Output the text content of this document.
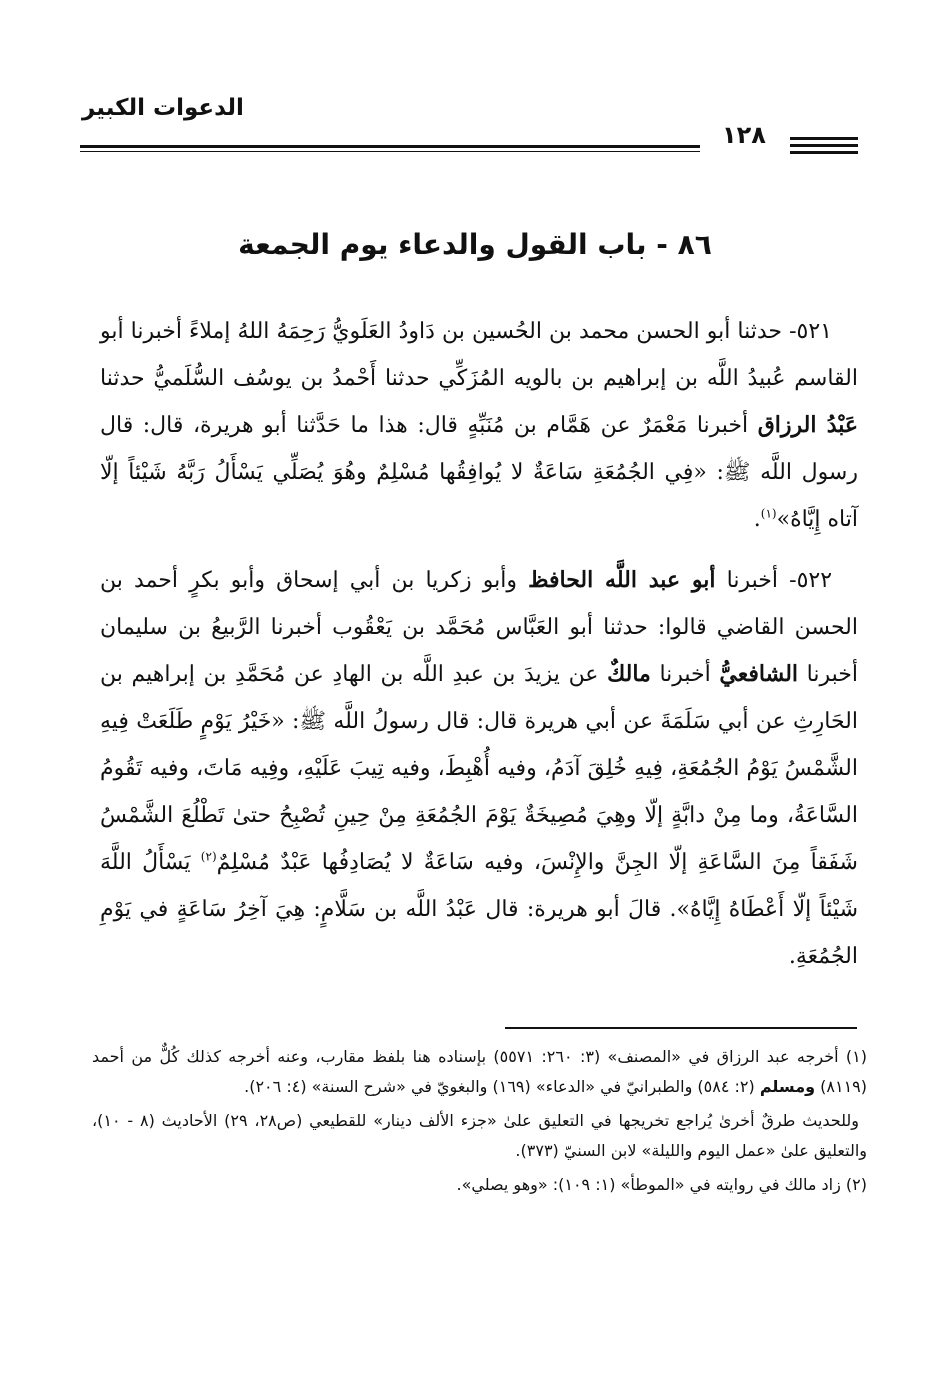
الدعوات الكبير
١٢٨
٨٦ - باب القول والدعاء يوم الجمعة

٥٢١- حدثنا أبو الحسن محمد بن الحُسين بن دَاودُ العَلَويُّ رَحِمَهُ اللهُ إملاءً أخبرنا أبو القاسم عُبيدُ اللَّه بن إبراهيم بن بالويه المُزَكِّي حدثنا أَحْمدُ بن يوسُف السُّلَميُّ حدثنا عَبْدُ الرزاق أخبرنا مَعْمَرٌ عن هَمَّام بن مُنَبِّهٍ قال: هذا ما حَدَّثنا أبو هريرة، قال: قال رسول اللَّه ﷺ: «فِي الجُمُعَةِ سَاعَةٌ لا يُوافِقُها مُسْلِمٌ وهُوَ يُصَلِّي يَسْأَلُ رَبَّهُ شَيْئاً إلّا آتاه إِيَّاهُ»$^{(١)}$.

٥٢٢- أخبرنا أبو عبد اللَّه الحافظ وأبو زكريا بن أبي إسحاق وأبو بكرٍ أحمد بن الحسن القاضي قالوا: حدثنا أبو العَبَّاس مُحَمَّد بن يَعْقُوب أخبرنا الرَّبيعُ بن سليمان أخبرنا الشافعيُّ أخبرنا مالكٌ عن يزيدَ بن عبدِ اللَّه بن الهادِ عن مُحَمَّدِ بن إبراهيم بن الحَارِثِ عن أبي سَلَمَةَ عن أبي هريرة قال: قال رسولُ اللَّه ﷺ: «خَيْرُ يَوْمٍ طَلَعَتْ فِيهِ الشَّمْسُ يَوْمُ الجُمُعَةِ، فِيهِ خُلِقَ آدَمُ، وفيه أُهْبِطَ، وفيه تِيبَ عَلَيْهِ، وفِيه مَاتَ، وفيه تَقُومُ السَّاعَةُ، وما مِنْ دابَّةٍ إلّا وهِيَ مُصِيخَةٌ يَوْمَ الجُمُعَةِ مِنْ حِينِ تُصْبِحُ حتىٰ تَطْلُعَ الشَّمْسُ شَفَقاً مِنَ السَّاعَةِ إلّا الجِنَّ والإِنْسَ، وفيه سَاعَةٌ لا يُصَادِفُها عَبْدٌ مُسْلِمٌ$^{(٢)}$ يَسْأَلُ اللَّهَ شَيْئاً إلّا أَعْطَاهُ إِيَّاهُ». قالَ أبو هريرة: قال عَبْدُ اللَّه بن سَلَّامٍ: هِيَ آخِرُ سَاعَةٍ في يَوْمِ الجُمُعَةِ.

(١) أخرجه عبد الرزاق في «المصنف» (٣: ٢٦٠: ٥٥٧١) بإسناده هنا بلفظ مقارب، وعنه أخرجه كذلك كُلٌّ من أحمد (٨١١٩) ومسلم (٢: ٥٨٤) والطبرانيّ في «الدعاء» (١٦٩) والبغويّ في «شرح السنة» (٤: ٢٠٦).

وللحديث طرقٌ أخرىٰ يُراجع تخريجها في التعليق علىٰ «جزء الألف دينار» للقطيعي (ص٢٨، ٢٩) الأحاديث (٨ - ١٠)، والتعليق علىٰ «عمل اليوم والليلة» لابن السنيّ (٣٧٣).

(٢) زاد مالك في روايته في «الموطأ» (١: ١٠٩): «وهو يصلي».
